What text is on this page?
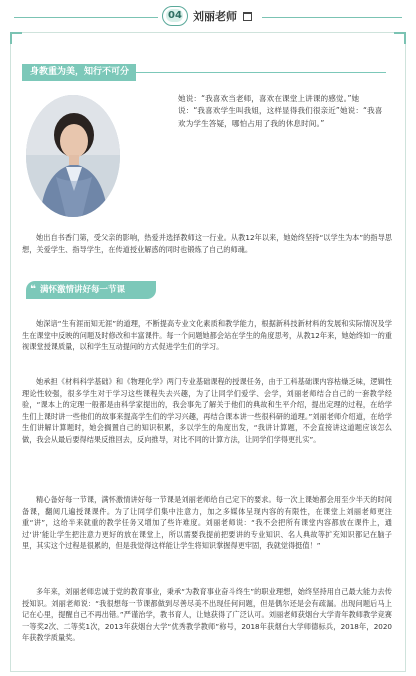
04	刘丽老师
身教重为美，知行不可分
她说：“我喜欢当老师，喜欢在课堂上讲课的感觉。”她说：“我喜欢学生叫我姐，这样显得我们很亲近”她说：“我喜欢为学生答疑，哪怕占用了我的休息时间。”
她出自书香门第，受父亲的影响，热爱并选择教师这一行业。从教12年以来，她始终坚持“以学生为本”的指导思想，关爱学生、指导学生，在传道授业解惑的同时也锻炼了自己的师魂。
❝ 满怀激情讲好每一节课
她深谙“生有涯而知无涯”的道理，不断提高专业文化素质和教学能力，根据新科技新材料的发展和实际情况及学生在课堂中反映的问题及时修改和丰富课件。每一个问题她都会站在学生的角度思考，从教12年来，她始终如一的重视课堂授课质量，以和学生互动提问的方式促进学生们的学习。
她承担《材料科学基础》和《物理化学》两门专业基础课程的授课任务，由于工科基础课内容枯燥乏味，逻辑性理论性较强，很多学生对于学习这些课程失去兴趣，为了让同学们爱学、会学，刘丽老师结合自己的一套教学经验，“课本上的定理一般都是由科学家提出的，我会事先了解关于他们的典故和生平介绍，提出定理的过程，在给学生们上课时讲一些他们的故事来提高学生们的学习兴趣，再结合课本讲一些很科研的道理。”刘丽老师介绍道，在给学生们讲解计算题时，她会搁置自己的知识积累，多以学生的角度出发，“我讲计算题，不会直接讲这道题应该怎么做，我会从最后要得结果反推回去，反向推导，对比不同的计算方法，让同学们学得更扎实”。
精心备好每一节课，满怀激情讲好每一节课是刘丽老师给自己定下的要求。每一次上课她都会用至少半天的时间备课，翻阅几遍授课课件。为了让同学们集中注意力，加之多媒体呈现内容的有限性，在课堂上刘丽老师更注重“讲”，这给半来就重的教学任务又增加了些许难度。刘丽老师说：“我不会把所有课堂内容都放在课件上，通过‘讲’能让学生把注意力更好的放在课堂上，所以需要我提前把要讲的专业知识、名人典故等扩充知识都记在脑子里，其实这个过程是很累的，但是我觉得这样能让学生将知识掌握得更牢固，我就觉得挺值！”
多年来，刘丽老师忠诚于党的教育事业，秉承“为教育事业奋斗终生”的职业理想，始终坚持用自己最大能力去传授知识。刘丽老师说：“我很想每一节课都做到尽善尽美不出现任何问题，但是偶尔还是会有疏漏。出现问题后马上记在心里，提醒自己不再出错。”严谨治学，教书育人，让她获得了广泛认可。刘丽老师获烟台大学青年教师教学竞赛一等奖2次、二等奖1次，2013年获烟台大学“优秀教学教师”称号，2018年获烟台大学师德标兵，2018年，2020年获教学质量奖。
